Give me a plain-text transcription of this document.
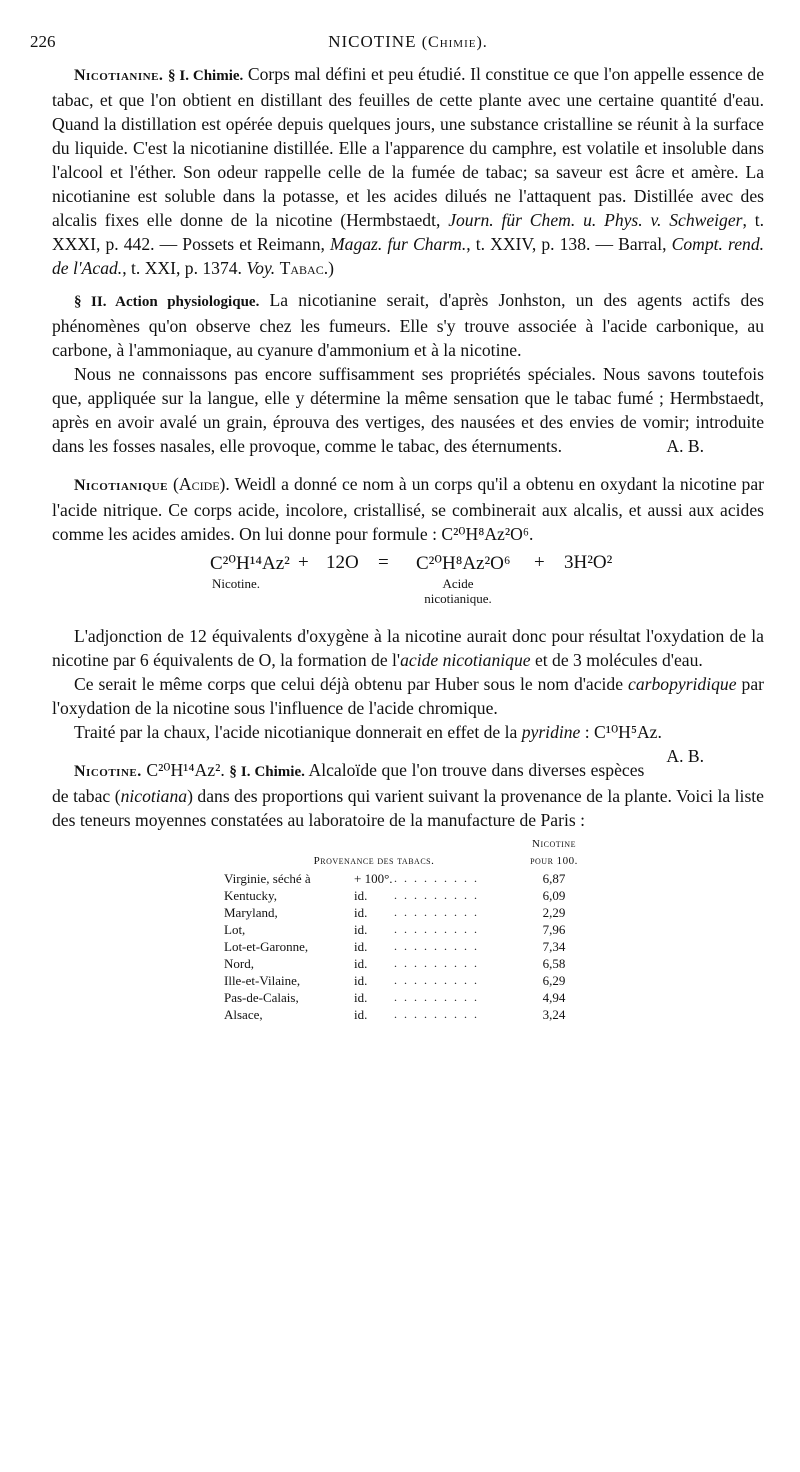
226	NICOTINE (Chimie).

Nicotianine. § I. Chimie. Corps mal défini et peu étudié. Il constitue ce que l'on appelle essence de tabac, et que l'on obtient en distillant des feuilles de cette plante avec une certaine quantité d'eau. Quand la distillation est opérée depuis quelques jours, une substance cristalline se réunit à la surface du liquide. C'est la nicotianine distillée. Elle a l'apparence du camphre, est volatile et insoluble dans l'alcool et l'éther. Son odeur rappelle celle de la fumée de tabac; sa saveur est âcre et amère. La nicotianine est soluble dans la potasse, et les acides dilués ne l'attaquent pas. Distillée avec des alcalis fixes elle donne de la nicotine (Hermbstaedt, Journ. für Chem. u. Phys. v. Schweiger, t. XXXI, p. 442. — Possets et Reimann, Magaz. fur Charm., t. XXIV, p. 138. — Barral, Compt. rend. de l'Acad., t. XXI, p. 1374. Voy. Tabac.)

§ II. Action physiologique. La nicotianine serait, d'après Jonhston, un des agents actifs des phénomènes qu'on observe chez les fumeurs. Elle s'y trouve associée à l'acide carbonique, au carbone, à l'ammoniaque, au cyanure d'ammonium et à la nicotine.

Nous ne connaissons pas encore suffisamment ses propriétés spéciales. Nous savons toutefois que, appliquée sur la langue, elle y détermine la même sensation que le tabac fumé ; Hermbstaedt, après en avoir avalé un grain, éprouva des vertiges, des nausées et des envies de vomir; introduite dans les fosses nasales, elle provoque, comme le tabac, des éternuments.	A. B.

Nicotianique (Acide). Weidl a donné ce nom à un corps qu'il a obtenu en oxydant la nicotine par l'acide nitrique. Ce corps acide, incolore, cristallisé, se combinerait aux alcalis, et aussi aux acides comme les acides amides. On lui donne pour formule : C²⁰H⁸Az²O⁶.

C²⁰H¹⁴Az² + 12O = C²⁰H⁸Az²O⁶ + 3H²O²
Nicotine.	Acide
nicotianique.

L'adjonction de 12 équivalents d'oxygène à la nicotine aurait donc pour résultat l'oxydation de la nicotine par 6 équivalents de O, la formation de l'acide nicotianique et de 3 molécules d'eau.

Ce serait le même corps que celui déjà obtenu par Huber sous le nom d'acide carbopyridique par l'oxydation de la nicotine sous l'influence de l'acide chromique.

Traité par la chaux, l'acide nicotianique donnerait en effet de la pyridine : C¹⁰H⁵Az.
A. B.

Nicotine. C²⁰H¹⁴Az². § I. Chimie. Alcaloïde que l'on trouve dans diverses espèces de tabac (nicotiana) dans des proportions qui varient suivant la provenance de la plante. Voici la liste des teneurs moyennes constatées au laboratoire de la manufacture de Paris :

Provenance des tabacs.			Nicotine
pour 100.
Virginie, séché à	+ 100°.	. . . . . . . . .	6,87
Kentucky,	id.	. . . . . . . . .	6,09
Maryland,	id.	. . . . . . . . .	2,29
Lot,	id.	. . . . . . . . .	7,96
Lot-et-Garonne,	id.	. . . . . . . . .	7,34
Nord,	id.	. . . . . . . . .	6,58
Ille-et-Vilaine,	id.	. . . . . . . . .	6,29
Pas-de-Calais,	id.	. . . . . . . . .	4,94
Alsace,	id.	. . . . . . . . .	3,24
